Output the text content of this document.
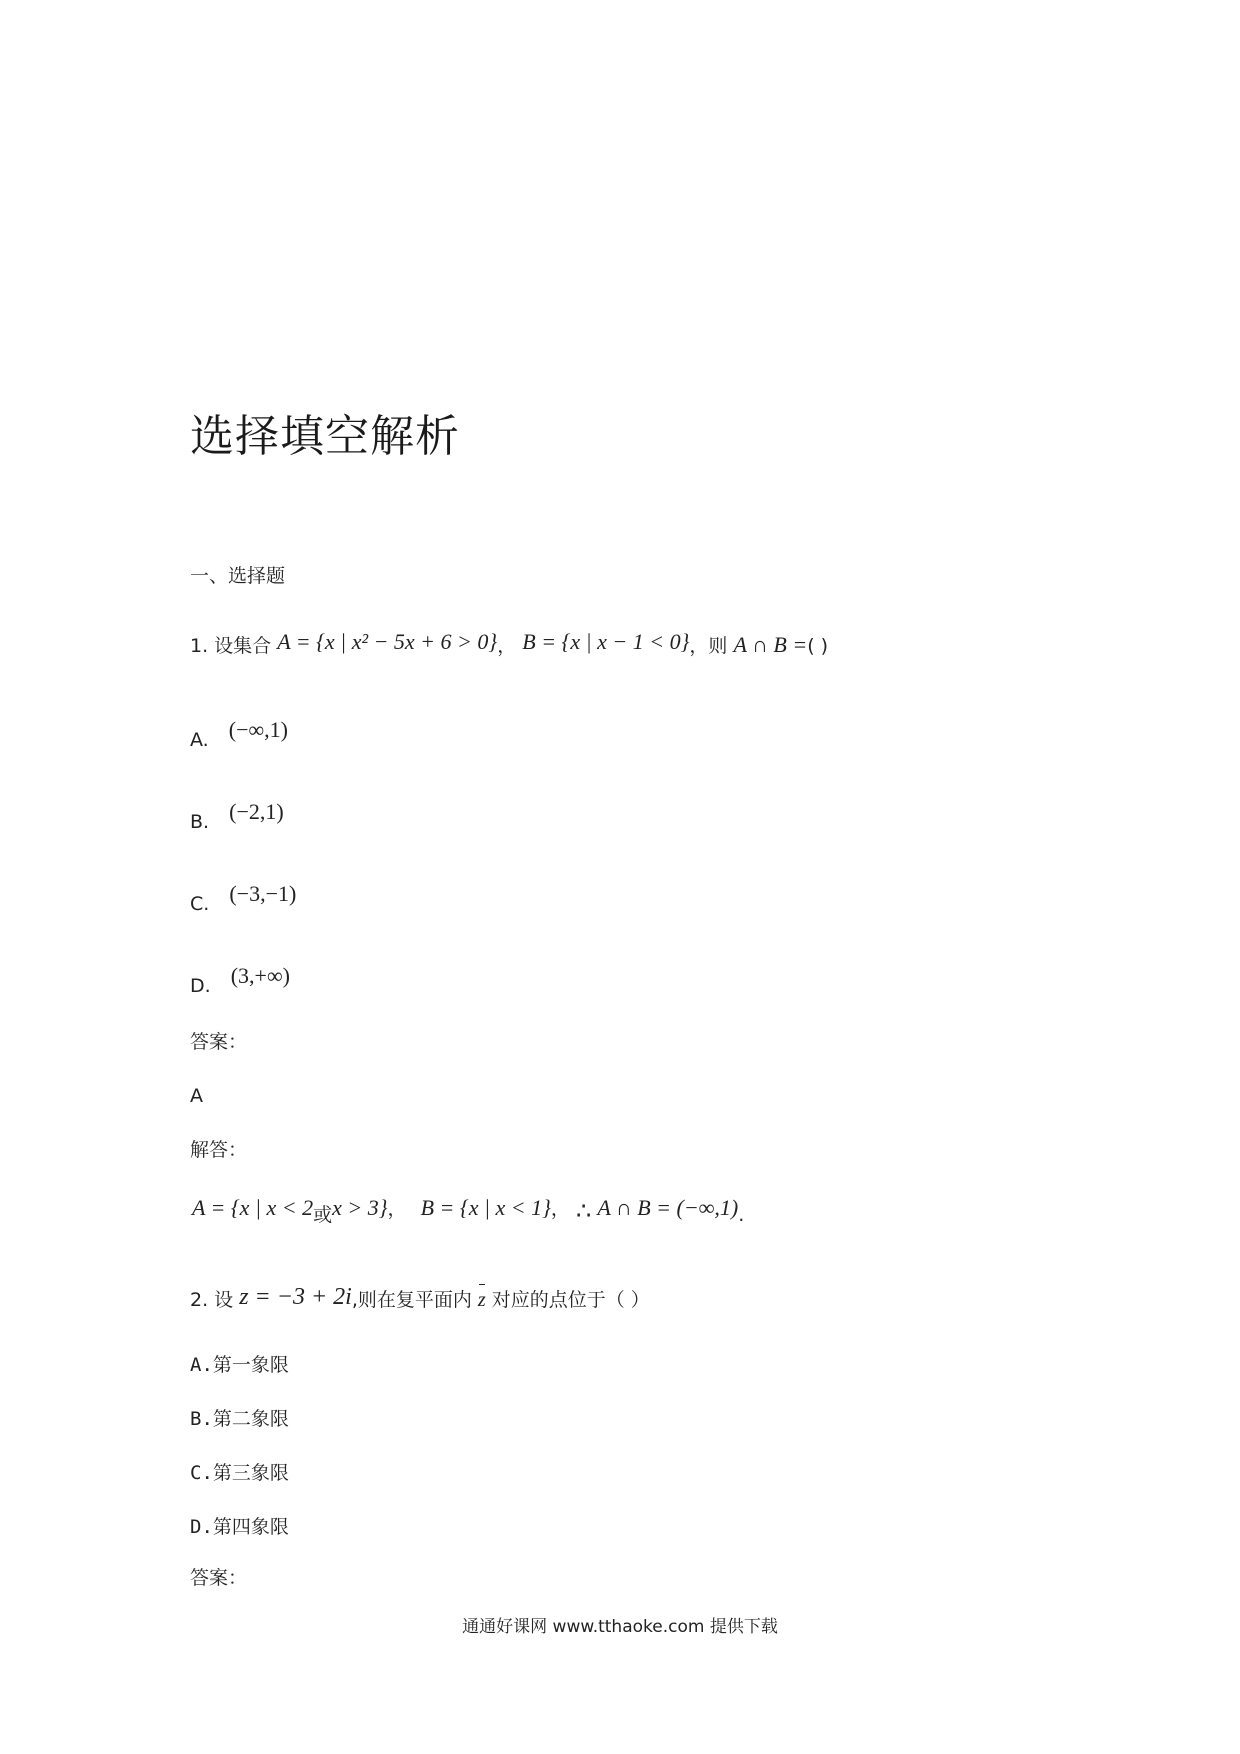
选择填空解析
一、选择题
1. 设集合 A = {x | x² − 5x + 6 > 0}， B = {x | x − 1 < 0}，则 A ∩ B =( )
A. (−∞,1)
B. (−2,1)
C. (−3,−1)
D. (3,+∞)
答案：
A
解答：
A = {x | x < 2或x > 3}， B = {x | x < 1}， ∴ A ∩ B = (−∞,1).
2. 设 z = −3 + 2i,则在复平面内 z 对应的点位于（ ）
A.第一象限
B.第二象限
C.第三象限
D.第四象限
答案：
通通好课网 www.tthaoke.com 提供下载
